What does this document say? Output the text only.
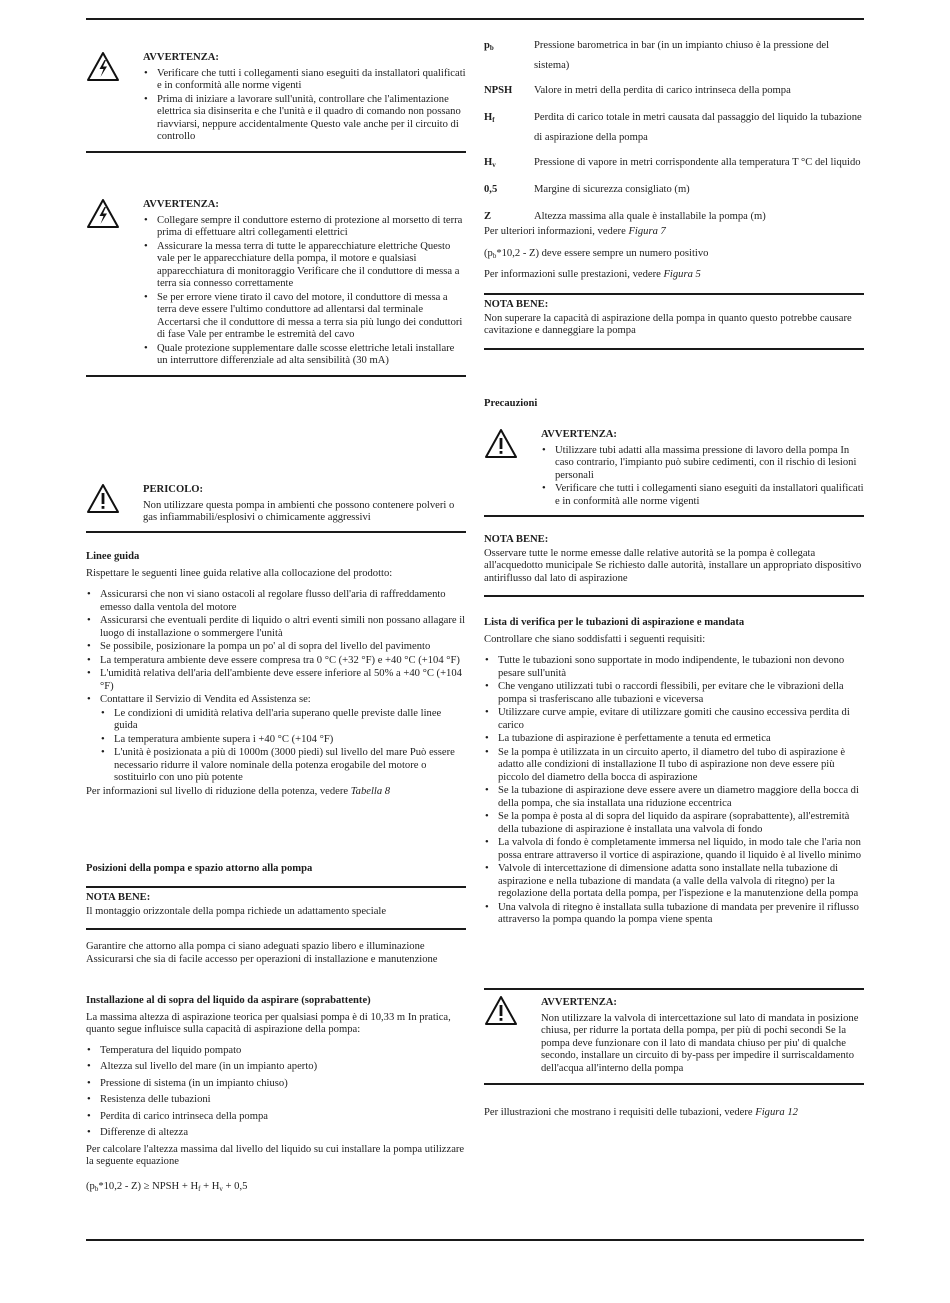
AVVERTENZA:
• Verificare che tutti i collegamenti siano eseguiti da installatori qualificati e in conformità alle norme vigenti
• Prima di iniziare a lavorare sull'unità, controllare che l'alimentazione elettrica sia disinserita e che l'unità e il quadro di comando non possano riavviarsi, neppure accidentalmente Questo vale anche per il circuito di controllo
AVVERTENZA:
• Collegare sempre il conduttore esterno di protezione al morsetto di terra prima di effettuare altri collegamenti elettrici
• Assicurare la messa terra di tutte le apparecchiature elettriche Questo vale per le apparecchiature della pompa, il motore e qualsiasi apparecchiatura di monitoraggio Verificare che il conduttore di messa a terra sia connesso correttamente
• Se per errore viene tirato il cavo del motore, il conduttore di messa a terra deve essere l'ultimo conduttore ad allentarsi dal terminale Accertarsi che il conduttore di messa a terra sia più lungo dei conduttori di fase Vale per entrambe le estremità del cavo
• Quale protezione supplementare dalle scosse elettriche letali installare un interruttore differenziale ad alta sensibilità (30 mA)
PERICOLO:
Non utilizzare questa pompa in ambienti che possono contenere polveri o gas infiammabili/esplosivi o chimicamente aggressivi
Linee guida

Rispettare le seguenti linee guida relative alla collocazione del prodotto:

• Assicurarsi che non vi siano ostacoli al regolare flusso dell'aria di raffreddamento emesso dalla ventola del motore
• Assicurarsi che eventuali perdite di liquido o altri eventi simili non possano allagare il luogo di installazione o sommergere l'unità
• Se possibile, posizionare la pompa un po' al di sopra del livello del pavimento
• La temperatura ambiente deve essere compresa tra 0 °C (+32 °F) e +40 °C (+104 °F)
• L'umidità relativa dell'aria dell'ambiente deve essere inferiore al 50% a +40 °C (+104 °F)
• Contattare il Servizio di Vendita ed Assistenza se:
• Le condizioni di umidità relativa dell'aria superano quelle previste dalle linee guida
• La temperatura ambiente supera i +40 °C (+104 °F)
• L'unità è posizionata a più di 1000m (3000 piedi) sul livello del mare Può essere necessario ridurre il valore nominale della potenza erogabile del motore o sostituirlo con uno più potente

Per informazioni sul livello di riduzione della potenza, vedere Tabella 8

Posizioni della pompa e spazio attorno alla pompa
NOTA BENE:
Il montaggio orizzontale della pompa richiede un adattamento speciale

Garantire che attorno alla pompa ci siano adeguati spazio libero e illuminazione Assicurarsi che sia di facile accesso per operazioni di installazione e manutenzione

Installazione al di sopra del liquido da aspirare (soprabattente)

La massima altezza di aspirazione teorica per qualsiasi pompa è di 10,33 m In pratica, quanto segue influisce sulla capacità di aspirazione della pompa:

• Temperatura del liquido pompato
• Altezza sul livello del mare (in un impianto aperto)
• Pressione di sistema (in un impianto chiuso)
• Resistenza delle tubazioni
• Perdita di carico intrinseca della pompa
• Differenze di altezza

Per calcolare l'altezza massima dal livello del liquido su cui installare la pompa utilizzare la seguente equazione

$(p_b*10,2 - Z)$ ≥ NPSH + $H_f + H_v + 0,5$

$p_b$	Pressione barometrica in bar (in un impianto chiuso è la pressione del sistema)
NPSH	Valore in metri della perdita di carico intrinseca della pompa
$H_f$	Perdita di carico totale in metri causata dal passaggio del liquido la tubazione di aspirazione della pompa
$H_v$	Pressione di vapore in metri corrispondente alla temperatura T °C del liquido
0,5	Margine di sicurezza consigliato (m)
Z	Altezza massima alla quale è installabile la pompa (m)

Per ulteriori informazioni, vedere Figura 7

$(p_b*10,2 - Z)$ deve essere sempre un numero positivo

Per informazioni sulle prestazioni, vedere Figura 5

NOTA BENE:
Non superare la capacità di aspirazione della pompa in quanto questo potrebbe causare cavitazione e danneggiare la pompa
Precauzioni
AVVERTENZA:
• Utilizzare tubi adatti alla massima pressione di lavoro della pompa In caso contrario, l'impianto può subire cedimenti, con il rischio di lesioni personali
• Verificare che tutti i collegamenti siano eseguiti da installatori qualificati e in conformità alle norme vigenti
NOTA BENE:
Osservare tutte le norme emesse dalle relative autorità se la pompa è collegata all'acquedotto municipale Se richiesto dalle autorità, installare un appropriato dispositivo antiriflusso dal lato di aspirazione
Lista di verifica per le tubazioni di aspirazione e mandata

Controllare che siano soddisfatti i seguenti requisiti:

• Tutte le tubazioni sono supportate in modo indipendente, le tubazioni non devono pesare sull'unità
• Che vengano utilizzati tubi o raccordi flessibili, per evitare che le vibrazioni della pompa si trasferiscano alle tubazioni e viceversa
• Utilizzare curve ampie, evitare di utilizzare gomiti che causino eccessiva perdita di carico
• La tubazione di aspirazione è perfettamente a tenuta ed ermetica
• Se la pompa è utilizzata in un circuito aperto, il diametro del tubo di aspirazione è adatto alle condizioni di installazione Il tubo di aspirazione non deve essere più piccolo del diametro della bocca di aspirazione
• Se la tubazione di aspirazione deve essere avere un diametro maggiore della bocca di della pompa, che sia installata una riduzione eccentrica
• Se la pompa è posta al di sopra del liquido da aspirare (soprabattente), all'estremità della tubazione di aspirazione è installata una valvola di fondo
• La valvola di fondo è completamente immersa nel liquido, in modo tale che l'aria non possa entrare attraverso il vortice di aspirazione, quando il liquido è al livello minimo
• Valvole di intercettazione di dimensione adatta sono installate nella tubazione di aspirazione e nella tubazione di mandata (a valle della valvola di ritegno) per la regolazione della portata della pompa, per l'ispezione e la manutenzione della pompa
• Una valvola di ritegno è installata sulla tubazione di mandata per prevenire il riflusso attraverso la pompa quando la pompa viene spenta
AVVERTENZA:
Non utilizzare la valvola di intercettazione sul lato di mandata in posizione chiusa, per ridurre la portata della pompa, per più di pochi secondi Se la pompa deve funzionare con il lato di mandata chiuso per piu' di qualche secondo, installare un circuito di by-pass per impedire il surriscaldamento dell'acqua all'interno della pompa

Per illustrazioni che mostrano i requisiti delle tubazioni, vedere Figura 12
